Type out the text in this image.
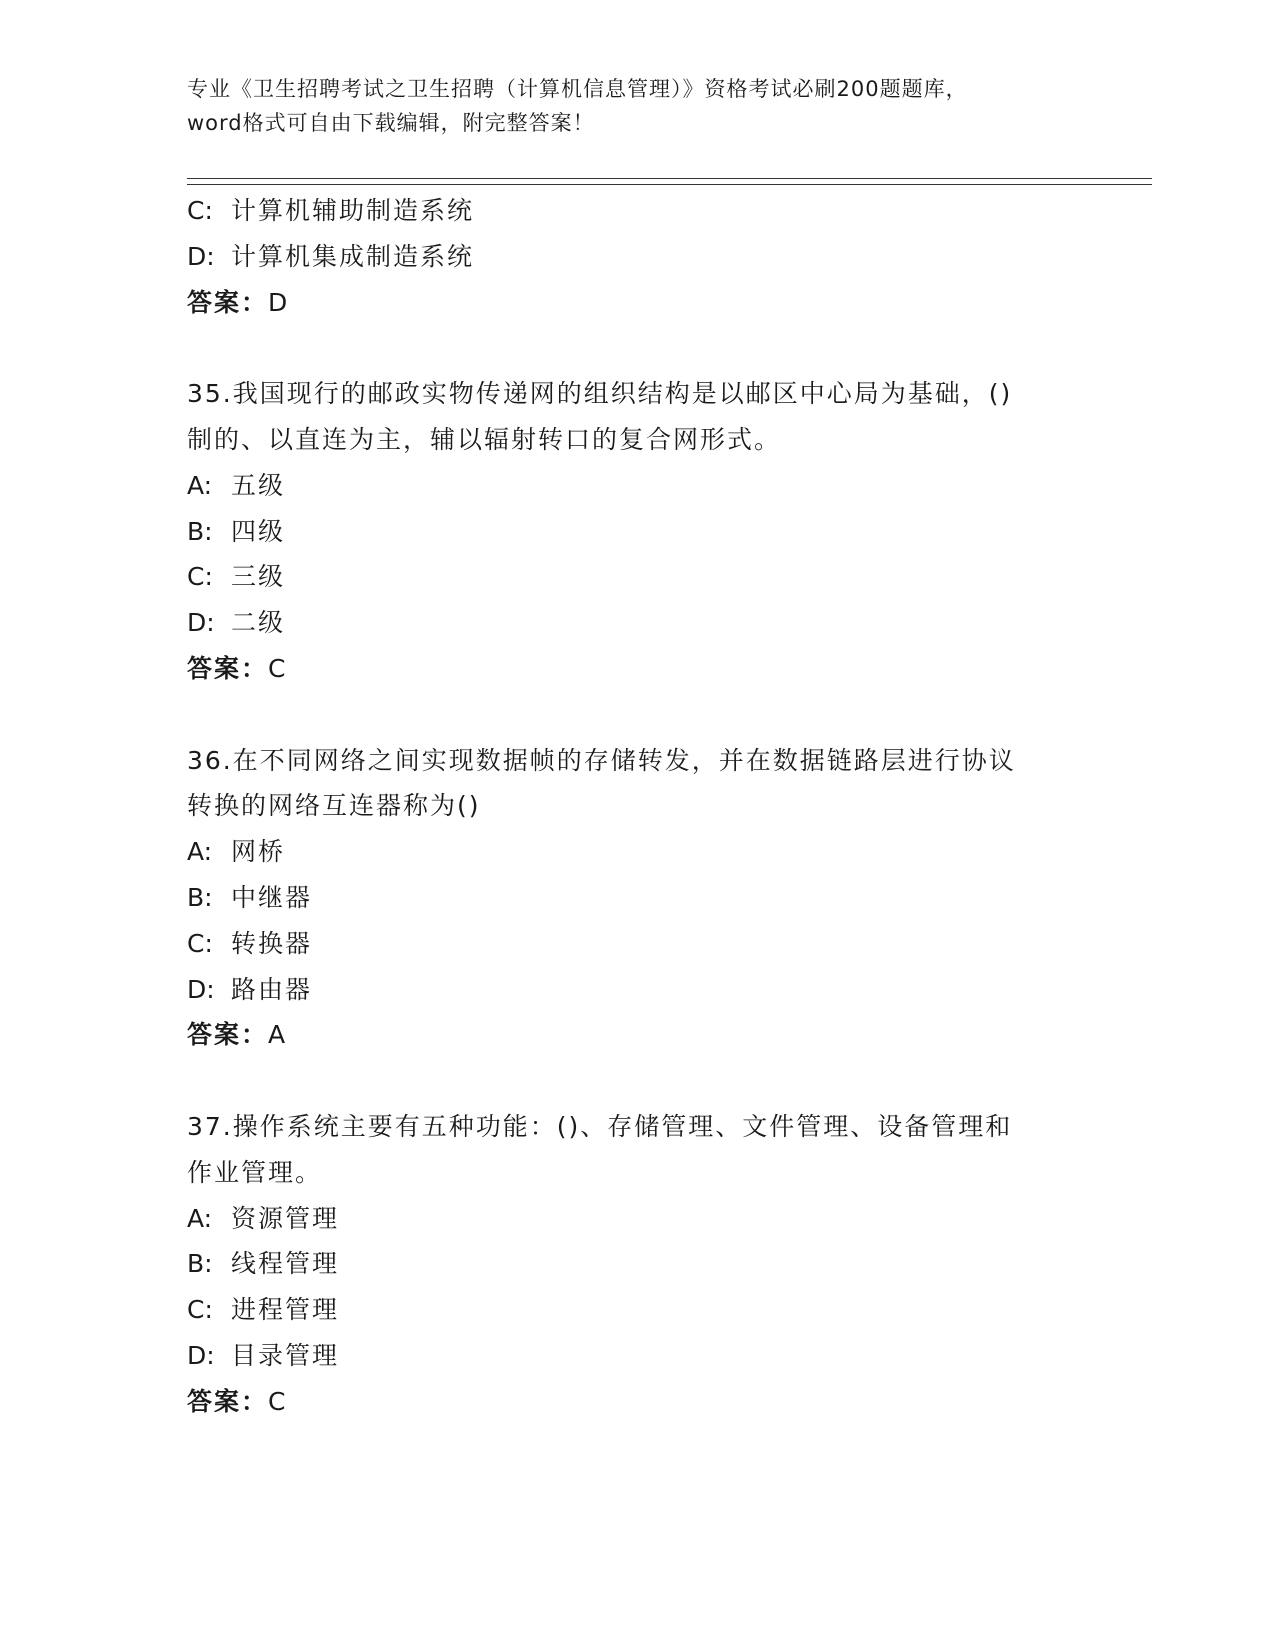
专业《卫生招聘考试之卫生招聘（计算机信息管理）》资格考试必刷200题题库，
word格式可自由下载编辑，附完整答案！
C: 计算机辅助制造系统
D: 计算机集成制造系统
答案：D
35.我国现行的邮政实物传递网的组织结构是以邮区中心局为基础，()
制的、以直连为主，辅以辐射转口的复合网形式。
A: 五级
B: 四级
C: 三级
D: 二级
答案：C
36.在不同网络之间实现数据帧的存储转发，并在数据链路层进行协议
转换的网络互连器称为()
A: 网桥
B: 中继器
C: 转换器
D: 路由器
答案：A
37.操作系统主要有五种功能：()、存储管理、文件管理、设备管理和
作业管理。
A: 资源管理
B: 线程管理
C: 进程管理
D: 目录管理
答案：C
